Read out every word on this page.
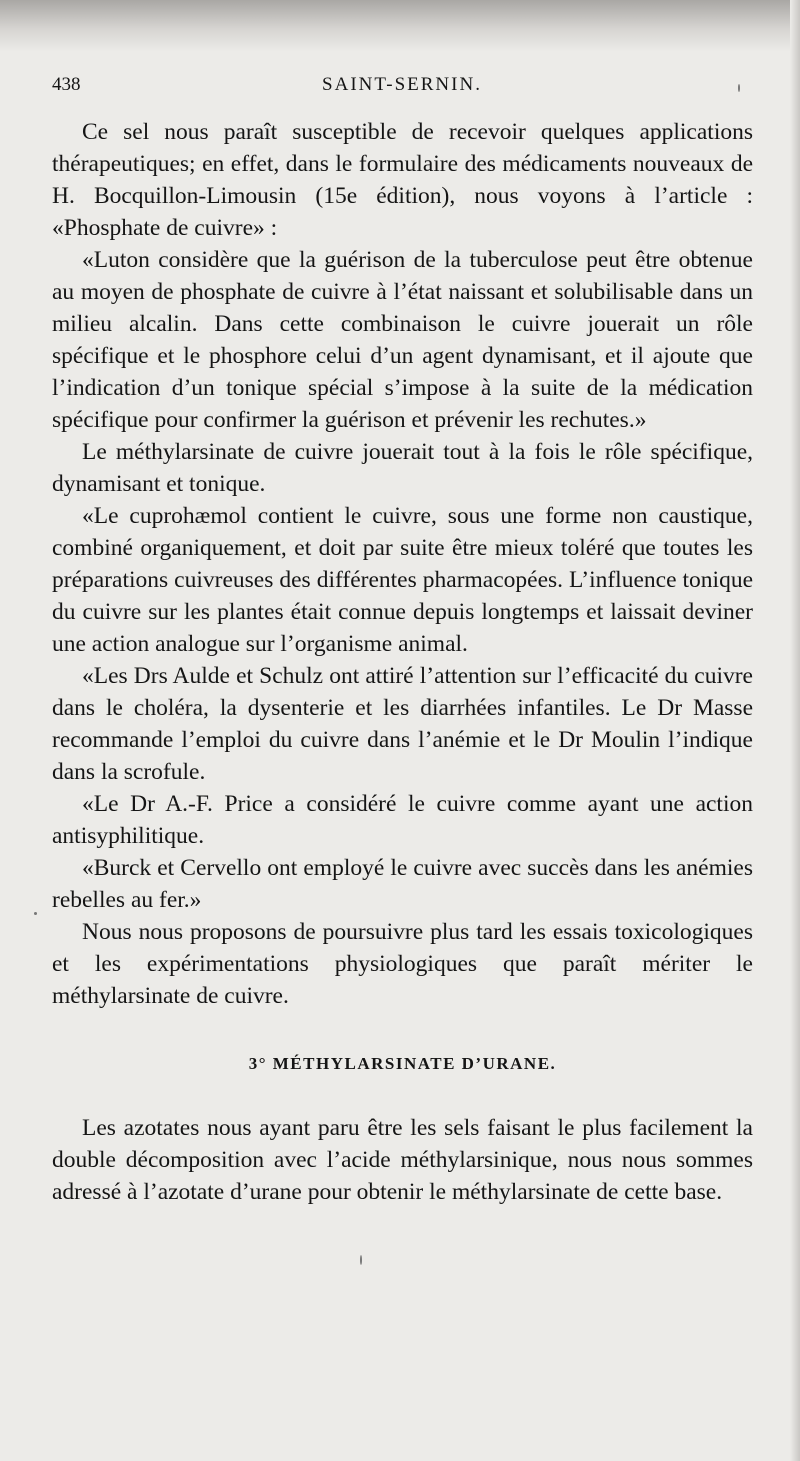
438	SAINT-SERNIN.

Ce sel nous paraît susceptible de recevoir quelques applications thérapeutiques; en effet, dans le formulaire des médicaments nouveaux de H. Bocquillon-Limousin (15e édition), nous voyons à l’article : «Phosphate de cuivre» :

«Luton considère que la guérison de la tuberculose peut être obtenue au moyen de phosphate de cuivre à l’état naissant et solubilisable dans un milieu alcalin. Dans cette combinaison le cuivre jouerait un rôle spécifique et le phosphore celui d’un agent dynamisant, et il ajoute que l’indication d’un tonique spécial s’impose à la suite de la médication spécifique pour confirmer la guérison et prévenir les rechutes.»

Le méthylarsinate de cuivre jouerait tout à la fois le rôle spécifique, dynamisant et tonique.

«Le cuprohæmol contient le cuivre, sous une forme non caustique, combiné organiquement, et doit par suite être mieux toléré que toutes les préparations cuivreuses des différentes pharmacopées. L’influence tonique du cuivre sur les plantes était connue depuis longtemps et laissait deviner une action analogue sur l’organisme animal.

«Les Drs Aulde et Schulz ont attiré l’attention sur l’efficacité du cuivre dans le choléra, la dysenterie et les diarrhées infantiles. Le Dr Masse recommande l’emploi du cuivre dans l’anémie et le Dr Moulin l’indique dans la scrofule.

«Le Dr A.-F. Price a considéré le cuivre comme ayant une action antisyphilitique.

«Burck et Cervello ont employé le cuivre avec succès dans les anémies rebelles au fer.»

Nous nous proposons de poursuivre plus tard les essais toxicologiques et les expérimentations physiologiques que paraît mériter le méthylarsinate de cuivre.

3° MÉTHYLARSINATE D’URANE.

Les azotates nous ayant paru être les sels faisant le plus facilement la double décomposition avec l’acide méthylarsinique, nous nous sommes adressé à l’azotate d’urane pour obtenir le méthylarsinate de cette base.
